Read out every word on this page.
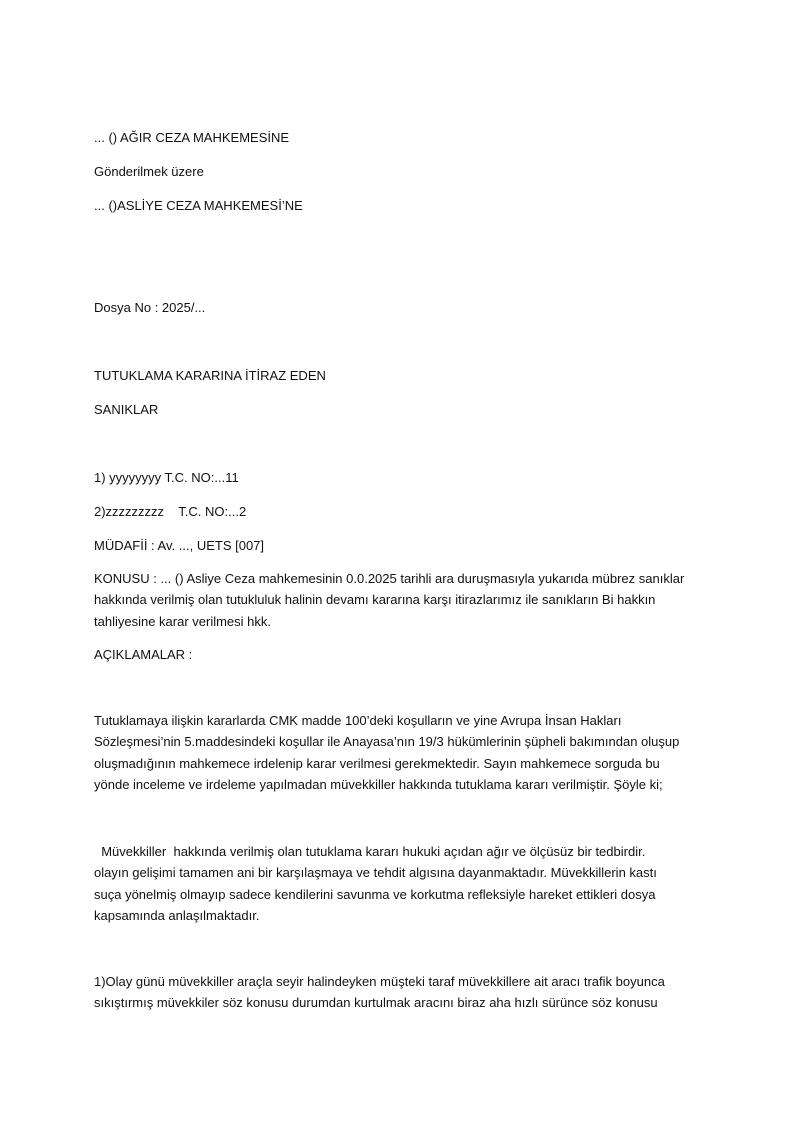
... () AĞIR CEZA MAHKEMESİNE
Gönderilmek üzere
... ()ASLİYE CEZA MAHKEMESİ’NE
Dosya No : 2025/...
TUTUKLAMA KARARINA İTİRAZ EDEN
SANIKLAR
1) yyyyyyyy T.C. NO:...11
2)zzzzzzzzz    T.C. NO:...2
MÜDAFİİ : Av. ..., UETS [007]
KONUSU : ... () Asliye Ceza mahkemesinin 0.0.2025 tarihli ara duruşmasıyla yukarıda mübrez sanıklar
hakkında verilmiş olan tutukluluk halinin devamı kararına karşı itirazlarımız ile sanıkların Bi hakkın
tahliyesine karar verilmesi hkk.
AÇIKLAMALAR :
Tutuklamaya ilişkin kararlarda CMK madde 100’deki koşulların ve yine Avrupa İnsan Hakları
Sözleşmesi’nin 5.maddesindeki koşullar ile Anayasa’nın 19/3 hükümlerinin şüpheli bakımından oluşup
oluşmadığının mahkemece irdelenip karar verilmesi gerekmektedir. Sayın mahkemece sorguda bu
yönde inceleme ve irdeleme yapılmadan müvekkiller hakkında tutuklama kararı verilmiştir. Şöyle ki;
Müvekkiller  hakkında verilmiş olan tutuklama kararı hukuki açıdan ağır ve ölçüsüz bir tedbirdir.
olayın gelişimi tamamen ani bir karşılaşmaya ve tehdit algısına dayanmaktadır. Müvekkillerin kastı
suça yönelmiş olmayıp sadece kendilerini savunma ve korkutma refleksiyle hareket ettikleri dosya
kapsamında anlaşılmaktadır.
1)Olay günü müvekkiller araçla seyir halindeyken müşteki taraf müvekkillere ait aracı trafik boyunca
sıkıştırmış müvekkiler söz konusu durumdan kurtulmak aracını biraz aha hızlı sürünce söz konusu
